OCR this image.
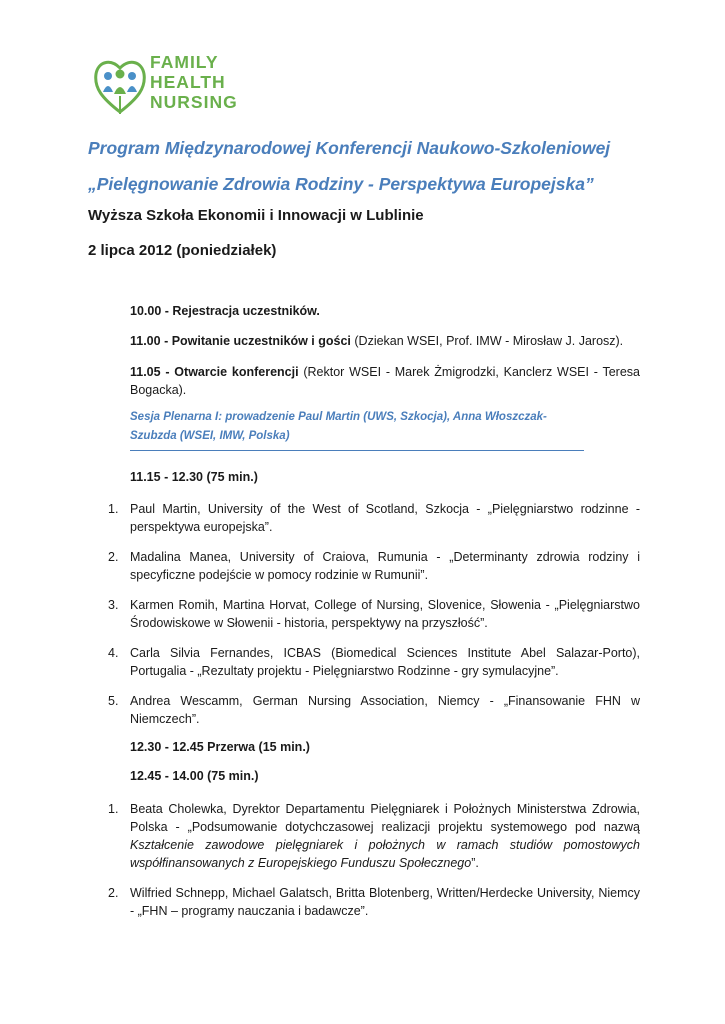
FAMILY
HEALTH
NURSING
Program Międzynarodowej Konferencji Naukowo-Szkoleniowej
„Pielęgnowanie Zdrowia Rodziny - Perspektywa Europejska”
Wyższa Szkoła Ekonomii i Innowacji w Lublinie
2 lipca 2012 (poniedziałek)

10.00 - Rejestracja uczestników.

11.00 - Powitanie uczestników i gości (Dziekan WSEI, Prof. IMW - Mirosław J. Jarosz).

11.05 - Otwarcie konferencji (Rektor WSEI - Marek Żmigrodzki, Kanclerz WSEI - Teresa Bogacka).

Sesja Plenarna I: prowadzenie Paul Martin (UWS, Szkocja), Anna Włoszczak-Szubzda (WSEI, IMW, Polska)
11.15 - 12.30 (75 min.)
1. Paul Martin, University of the West of Scotland, Szkocja - „Pielęgniarstwo rodzinne - perspektywa europejska”.
2. Madalina Manea, University of Craiova, Rumunia - „Determinanty zdrowia rodziny i specyficzne podejście w pomocy rodzinie w Rumunii”.
3. Karmen Romih, Martina Horvat, College of Nursing, Slovenice, Słowenia - „Pielęgniarstwo Środowiskowe w Słowenii - historia, perspektywy na przyszłość”.
4. Carla Silvia Fernandes, ICBAS (Biomedical Sciences Institute Abel Salazar-Porto), Portugalia - „Rezultaty projektu - Pielęgniarstwo Rodzinne - gry symulacyjne”.
5. Andrea Wescamm, German Nursing Association, Niemcy - „Finansowanie FHN w Niemczech”.
12.30 - 12.45 Przerwa (15 min.)
12.45 - 14.00 (75 min.)
1. Beata Cholewka, Dyrektor Departamentu Pielęgniarek i Położnych Ministerstwa Zdrowia, Polska - „Podsumowanie dotychczasowej realizacji projektu systemowego pod nazwą Kształcenie zawodowe pielęgniarek i położnych w ramach studiów pomostowych współfinansowanych z Europejskiego Funduszu Społecznego”.
2. Wilfried Schnepp, Michael Galatsch, Britta Blotenberg, Written/Herdecke University, Niemcy - „FHN – programy nauczania i badawcze”.
